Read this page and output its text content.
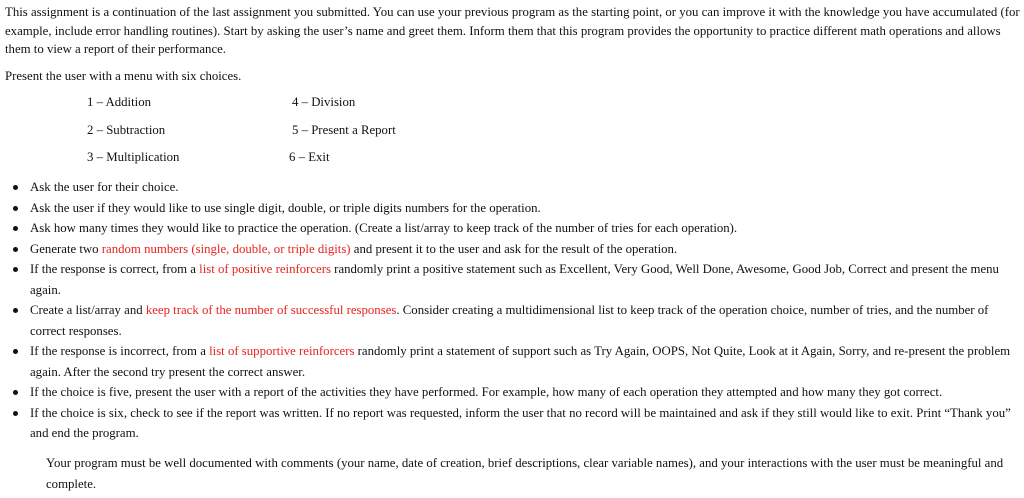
This assignment is a continuation of the last assignment you submitted. You can use your previous program as the starting point, or you can improve it with the knowledge you have accumulated (for example, include error handling routines). Start by asking the user’s name and greet them. Inform them that this program provides the opportunity to practice different math operations and allows them to view a report of their performance.
Present the user with a menu with six choices.
1 – Addition
2 – Subtraction
3 – Multiplication
4 – Division
5 – Present a Report
6 – Exit
Ask the user for their choice.
Ask the user if they would like to use single digit, double, or triple digits numbers for the operation.
Ask how many times they would like to practice the operation. (Create a list/array to keep track of the number of tries for each operation).
Generate two random numbers (single, double, or triple digits) and present it to the user and ask for the result of the operation.
If the response is correct, from a list of positive reinforcers randomly print a positive statement such as Excellent, Very Good, Well Done, Awesome, Good Job, Correct and present the menu again.
Create a list/array and keep track of the number of successful responses. Consider creating a multidimensional list to keep track of the operation choice, number of tries, and the number of correct responses.
If the response is incorrect, from a list of supportive reinforcers randomly print a statement of support such as Try Again, OOPS, Not Quite, Look at it Again, Sorry, and re-present the problem again. After the second try present the correct answer.
If the choice is five, present the user with a report of the activities they have performed. For example, how many of each operation they attempted and how many they got correct.
If the choice is six, check to see if the report was written. If no report was requested, inform the user that no record will be maintained and ask if they still would like to exit. Print “Thank you” and end the program.
Your program must be well documented with comments (your name, date of creation, brief descriptions, clear variable names), and your interactions with the user must be meaningful and complete.
